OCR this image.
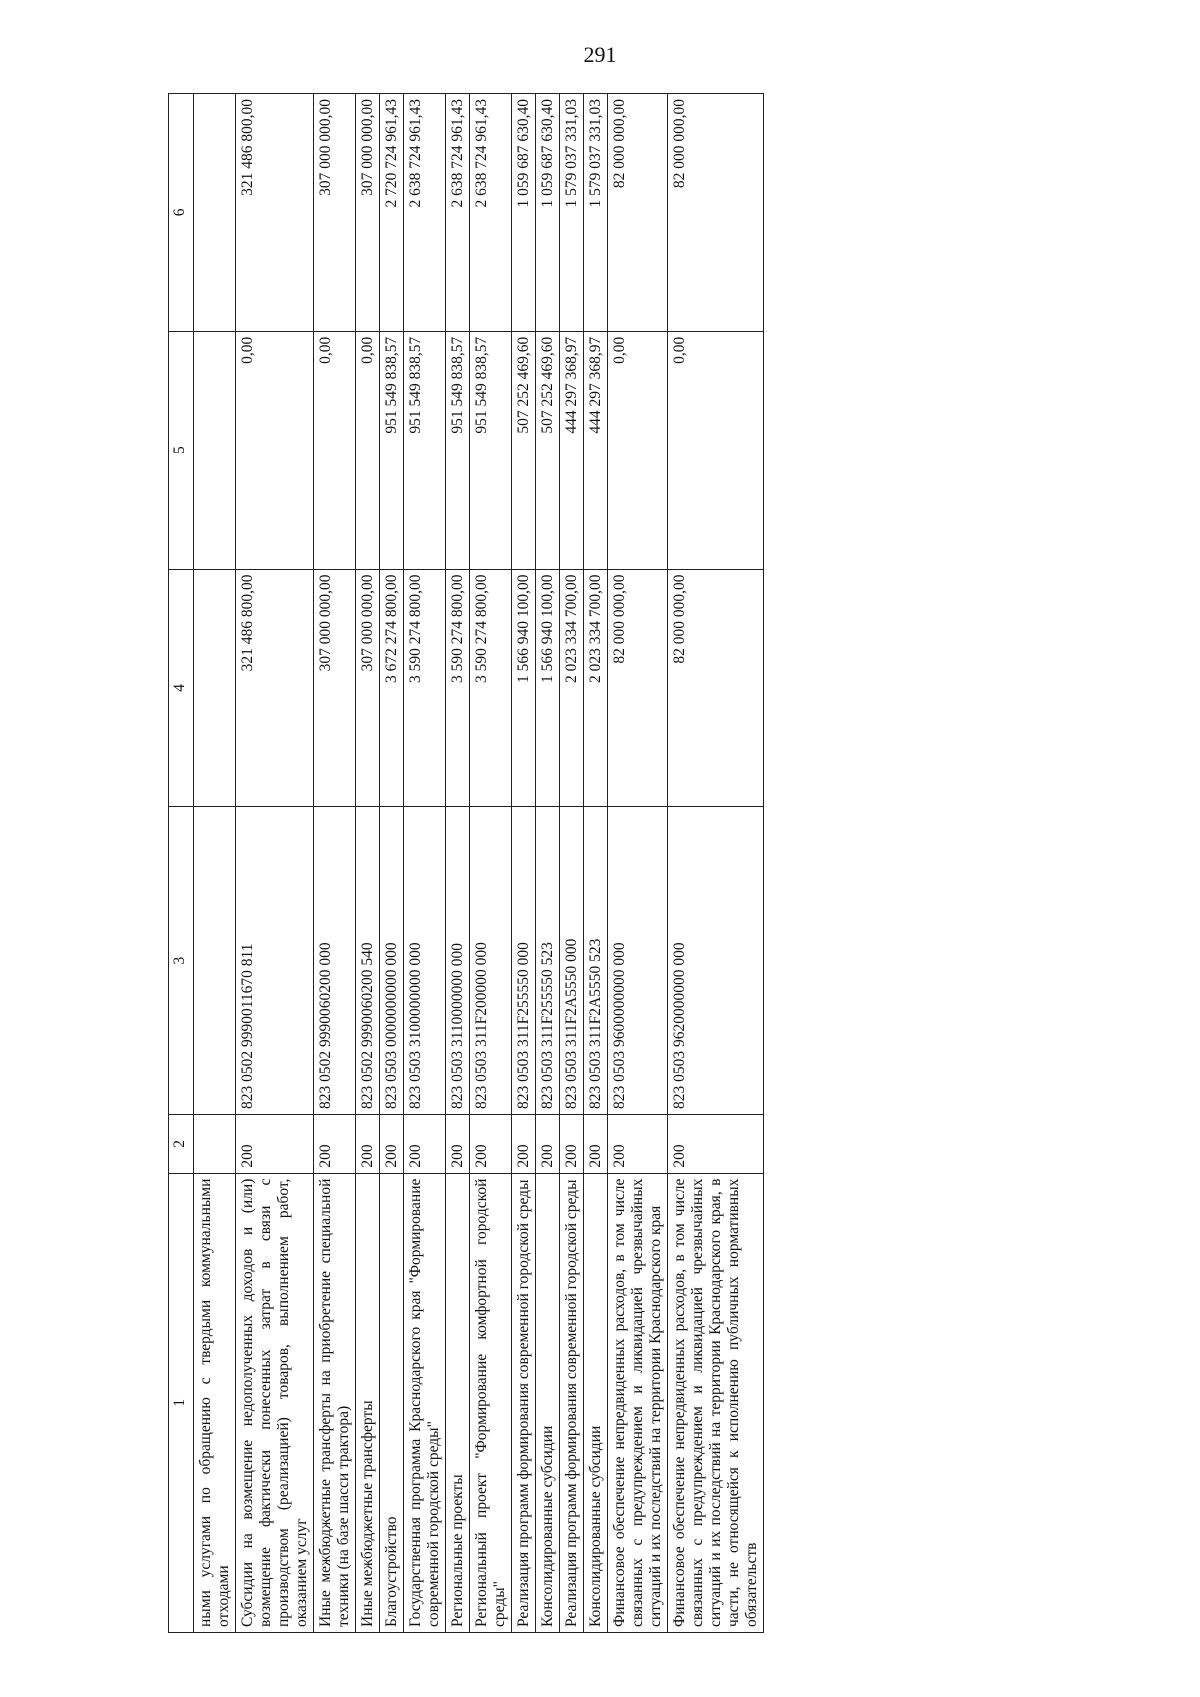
291
1	2	3	4	5	6
ными услугами по обращению с твердыми коммунальными отходами					
Субсидии на возмещение недополученных доходов и (или) возмещение фактически понесенных затрат в связи с производством (реализацией) товаров, выполнением работ, оказанием услуг	200	823 0502 9990011670 811	321 486 800,00	0,00	321 486 800,00
Иные межбюджетные трансферты на приобретение специальной техники (на базе шасси трактора)	200	823 0502 9990060200 000	307 000 000,00	0,00	307 000 000,00
Иные межбюджетные трансферты	200	823 0502 9990060200 540	307 000 000,00	0,00	307 000 000,00
Благоустройство	200	823 0503 0000000000 000	3 672 274 800,00	951 549 838,57	2 720 724 961,43
Государственная программа Краснодарского края "Формирование современной городской среды"	200	823 0503 3100000000 000	3 590 274 800,00	951 549 838,57	2 638 724 961,43
Региональные проекты	200	823 0503 3110000000 000	3 590 274 800,00	951 549 838,57	2 638 724 961,43
Региональный проект "Формирование комфортной городской среды"	200	823 0503 311F200000 000	3 590 274 800,00	951 549 838,57	2 638 724 961,43
Реализация программ формирования современной городской среды	200	823 0503 311F255550 000	1 566 940 100,00	507 252 469,60	1 059 687 630,40
Консолидированные субсидии	200	823 0503 311F255550 523	1 566 940 100,00	507 252 469,60	1 059 687 630,40
Реализация программ формирования современной городской среды	200	823 0503 311F2A5550 000	2 023 334 700,00	444 297 368,97	1 579 037 331,03
Консолидированные субсидии	200	823 0503 311F2A5550 523	2 023 334 700,00	444 297 368,97	1 579 037 331,03
Финансовое обеспечение непредвиденных расходов, в том числе связанных с предупреждением и ликвидацией чрезвычайных ситуаций и их последствий на территории Краснодарского края	200	823 0503 9600000000 000	82 000 000,00	0,00	82 000 000,00
Финансовое обеспечение непредвиденных расходов, в том числе связанных с предупреждением и ликвидацией чрезвычайных ситуаций и их последствий на территории Краснодарского края, в части, не относящейся к исполнению публичных нормативных обязательств	200	823 0503 9620000000 000	82 000 000,00	0,00	82 000 000,00
